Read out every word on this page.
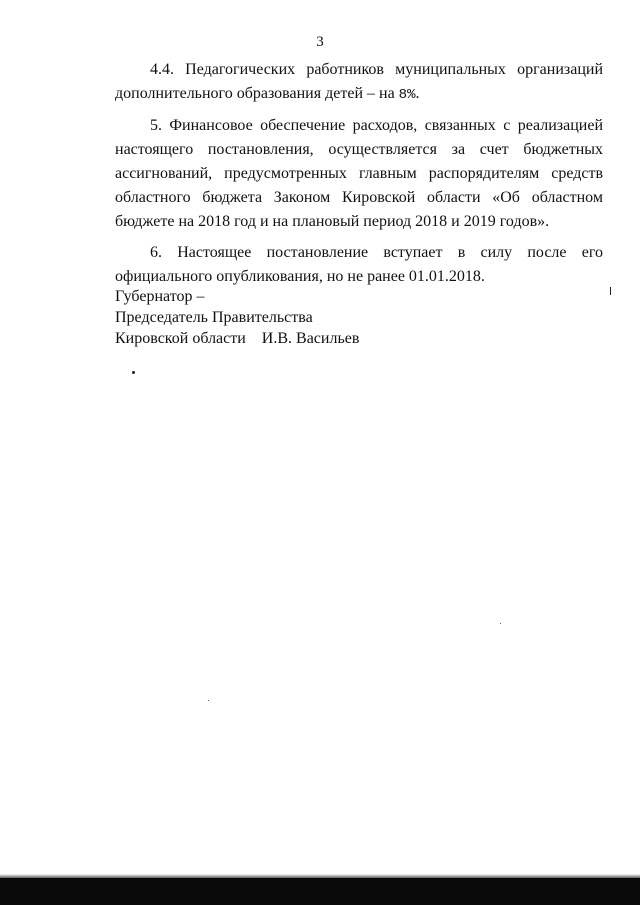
3

4.4. Педагогических работников муниципальных организаций дополнительного образования детей – на 8%.

5. Финансовое обеспечение расходов, связанных с реализацией настоящего постановления, осуществляется за счет бюджетных ассигнований, предусмотренных главным распорядителям средств областного бюджета Законом Кировской области «Об областном бюджете на 2018 год и на плановый период 2018 и 2019 годов».

6. Настоящее постановление вступает в силу после его официального опубликования, но не ранее 01.01.2018.

Губернатор –
Председатель Правительства
Кировской области    И.В. Васильев
